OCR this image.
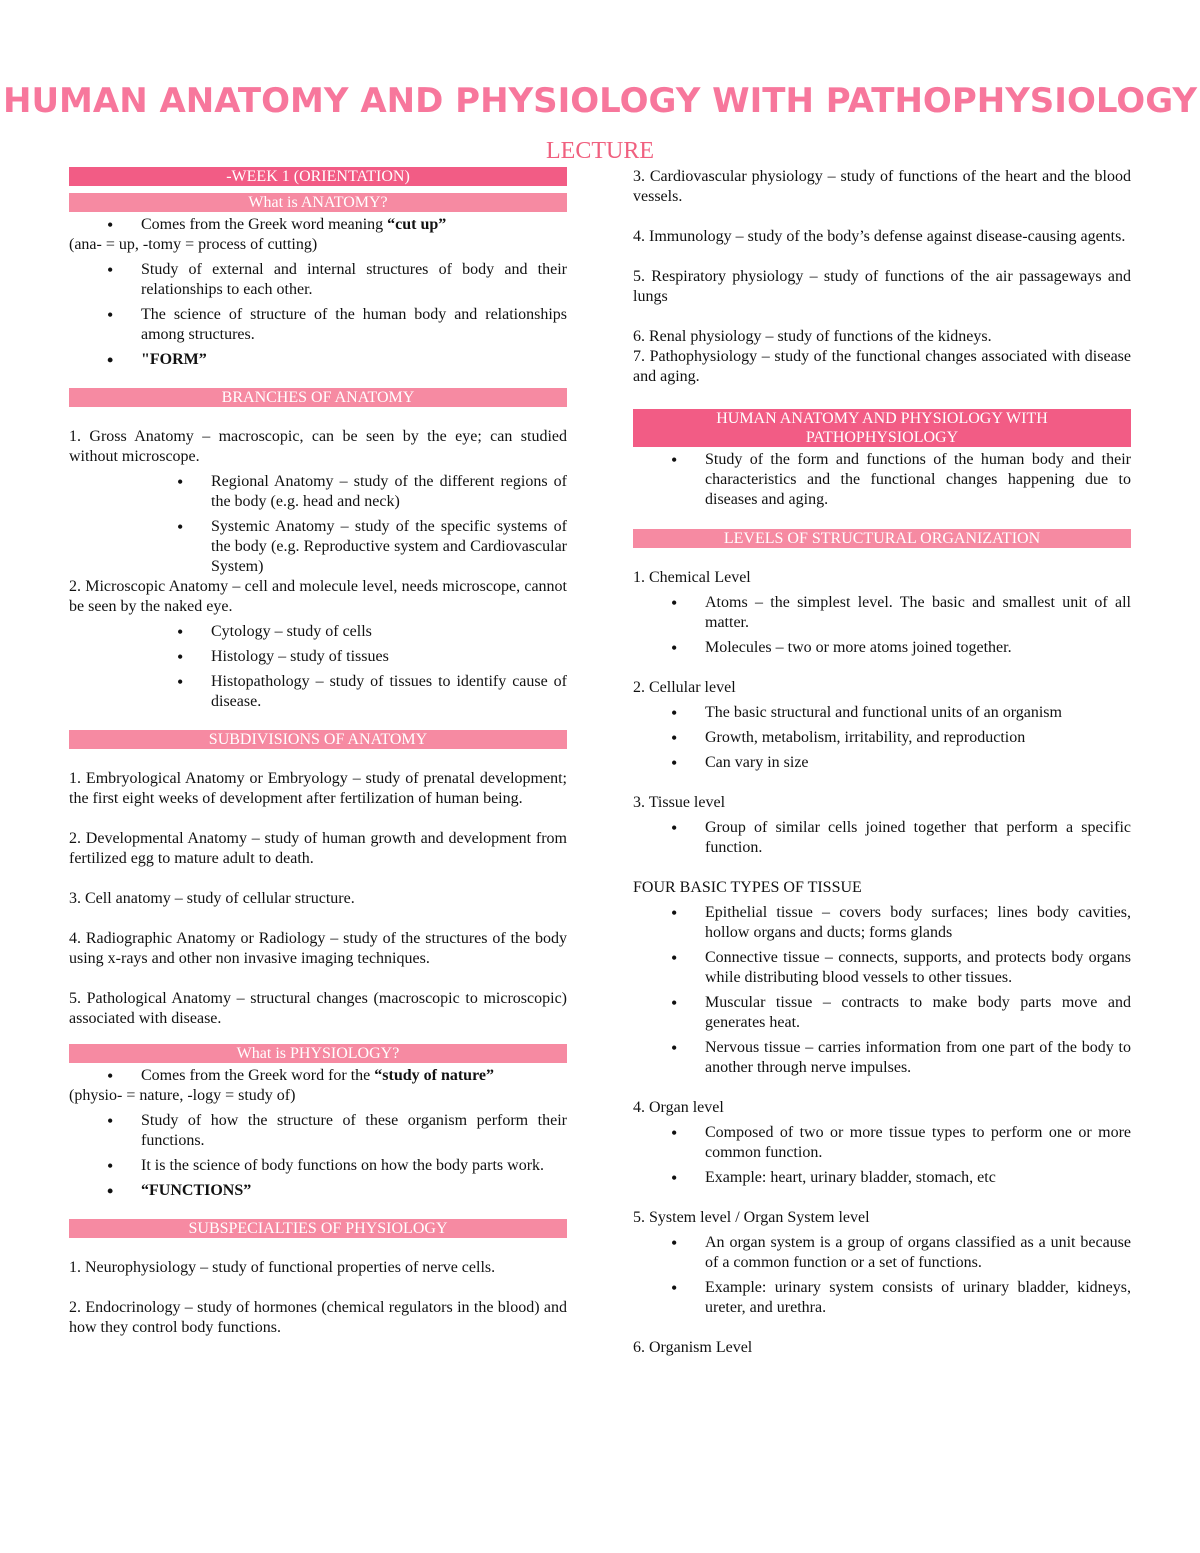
HUMAN ANATOMY AND PHYSIOLOGY WITH PATHOPHYSIOLOGY
LECTURE
-WEEK 1 (ORIENTATION)
What is ANATOMY?
• Comes from the Greek word meaning “cut up”

(ana- = up, -tomy = process of cutting)

• Study of external and internal structures of body and their relationships to each other.
• The science of structure of the human body and relationships among structures.
• "FORM”
BRANCHES OF ANATOMY

1. Gross Anatomy – macroscopic, can be seen by the eye; can studied without microscope.

• Regional Anatomy – study of the different regions of the body (e.g. head and neck)
• Systemic Anatomy – study of the specific systems of the body (e.g. Reproductive system and Cardiovascular System)

2. Microscopic Anatomy – cell and molecule level, needs microscope, cannot be seen by the naked eye.

• Cytology – study of cells
• Histology – study of tissues
• Histopathology – study of tissues to identify cause of disease.
SUBDIVISIONS OF ANATOMY

1. Embryological Anatomy or Embryology – study of prenatal development; the first eight weeks of development after fertilization of human being.

2. Developmental Anatomy – study of human growth and development from fertilized egg to mature adult to death.

3. Cell anatomy – study of cellular structure.

4. Radiographic Anatomy or Radiology – study of the structures of the body using x-rays and other non invasive imaging techniques.

5. Pathological Anatomy – structural changes (macroscopic to microscopic) associated with disease.

What is PHYSIOLOGY?
• Comes from the Greek word for the “study of nature”

(physio- = nature, -logy = study of)

• Study of how the structure of these organism perform their functions.
• It is the science of body functions on how the body parts work.
• “FUNCTIONS”
SUBSPECIALTIES OF PHYSIOLOGY

1. Neurophysiology – study of functional properties of nerve cells.

2. Endocrinology – study of hormones (chemical regulators in the blood) and how they control body functions.

3. Cardiovascular physiology – study of functions of the heart and the blood vessels.

4. Immunology – study of the body’s defense against disease-causing agents.

5. Respiratory physiology – study of functions of the air passageways and lungs

6. Renal physiology – study of functions of the kidneys.

7. Pathophysiology – study of the functional changes associated with disease and aging.

HUMAN ANATOMY AND PHYSIOLOGY WITH PATHOPHYSIOLOGY
• Study of the form and functions of the human body and their characteristics and the functional changes happening due to diseases and aging.
LEVELS OF STRUCTURAL ORGANIZATION

1. Chemical Level

• Atoms – the simplest level. The basic and smallest unit of all matter.
• Molecules – two or more atoms joined together.

2. Cellular level

• The basic structural and functional units of an organism
• Growth, metabolism, irritability, and reproduction
• Can vary in size

3. Tissue level

• Group of similar cells joined together that perform a specific function.

FOUR BASIC TYPES OF TISSUE

• Epithelial tissue – covers body surfaces; lines body cavities, hollow organs and ducts; forms glands
• Connective tissue – connects, supports, and protects body organs while distributing blood vessels to other tissues.
• Muscular tissue – contracts to make body parts move and generates heat.
• Nervous tissue – carries information from one part of the body to another through nerve impulses.

4. Organ level

• Composed of two or more tissue types to perform one or more common function.
• Example: heart, urinary bladder, stomach, etc

5. System level / Organ System level

• An organ system is a group of organs classified as a unit because of a common function or a set of functions.
• Example: urinary system consists of urinary bladder, kidneys, ureter, and urethra.

6. Organism Level
